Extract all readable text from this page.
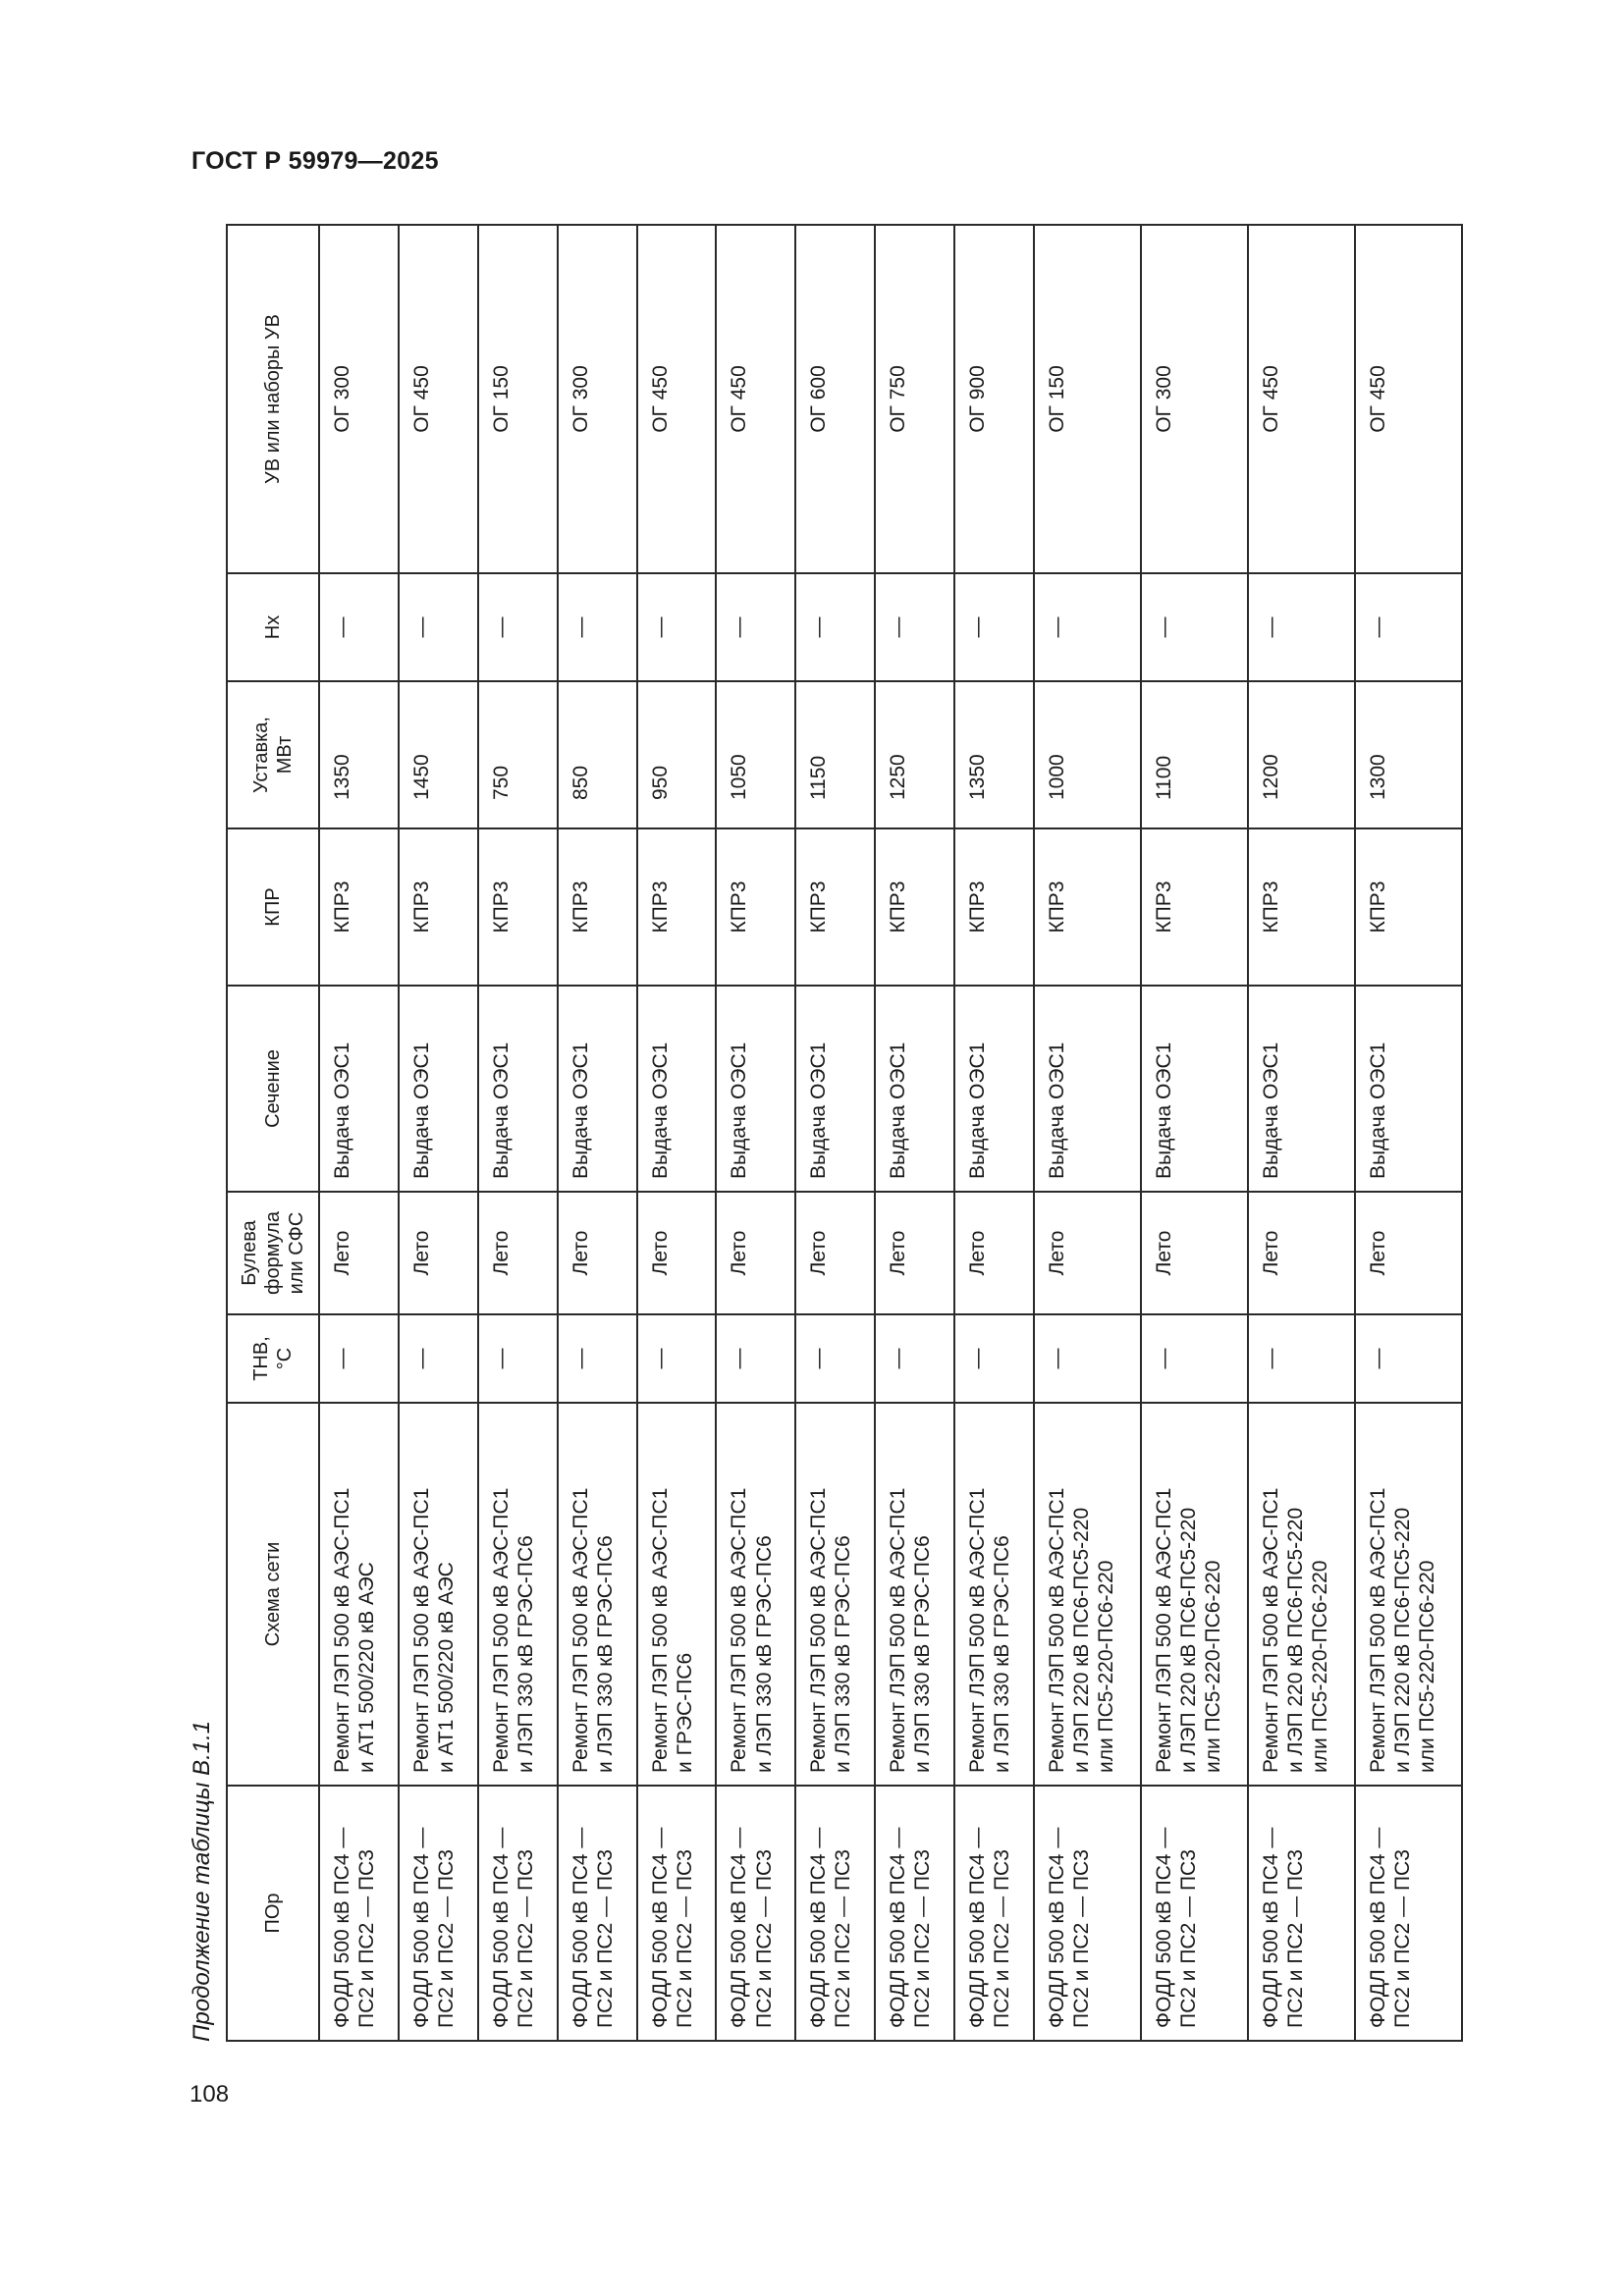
ГОСТ Р 59979—2025
Продолжение таблицы В.1.1 ПОр	Схема сети	ТНВ,
°С	Булева
формула
или СФС	Сечение	КПР	Уставка,
МВт	Нх	УВ или наборы УВ
ФОДЛ 500 кВ ПС4 —
ПС2 и ПС2 — ПС3	Ремонт ЛЭП 500 кВ АЭС-ПС1
и АТ1 500/220 кВ АЭС	—	Лето	Выдача ОЭС1	КПР3	1350	—	ОГ 300
ФОДЛ 500 кВ ПС4 —
ПС2 и ПС2 — ПС3	Ремонт ЛЭП 500 кВ АЭС-ПС1
и АТ1 500/220 кВ АЭС	—	Лето	Выдача ОЭС1	КПР3	1450	—	ОГ 450
ФОДЛ 500 кВ ПС4 —
ПС2 и ПС2 — ПС3	Ремонт ЛЭП 500 кВ АЭС-ПС1
и ЛЭП 330 кВ ГРЭС-ПС6	—	Лето	Выдача ОЭС1	КПР3	750	—	ОГ 150
ФОДЛ 500 кВ ПС4 —
ПС2 и ПС2 — ПС3	Ремонт ЛЭП 500 кВ АЭС-ПС1
и ЛЭП 330 кВ ГРЭС-ПС6	—	Лето	Выдача ОЭС1	КПР3	850	—	ОГ 300
ФОДЛ 500 кВ ПС4 —
ПС2 и ПС2 — ПС3	Ремонт ЛЭП 500 кВ АЭС-ПС1
и ГРЭС-ПС6	—	Лето	Выдача ОЭС1	КПР3	950	—	ОГ 450
ФОДЛ 500 кВ ПС4 —
ПС2 и ПС2 — ПС3	Ремонт ЛЭП 500 кВ АЭС-ПС1
и ЛЭП 330 кВ ГРЭС-ПС6	—	Лето	Выдача ОЭС1	КПР3	1050	—	ОГ 450
ФОДЛ 500 кВ ПС4 —
ПС2 и ПС2 — ПС3	Ремонт ЛЭП 500 кВ АЭС-ПС1
и ЛЭП 330 кВ ГРЭС-ПС6	—	Лето	Выдача ОЭС1	КПР3	1150	—	ОГ 600
ФОДЛ 500 кВ ПС4 —
ПС2 и ПС2 — ПС3	Ремонт ЛЭП 500 кВ АЭС-ПС1
и ЛЭП 330 кВ ГРЭС-ПС6	—	Лето	Выдача ОЭС1	КПР3	1250	—	ОГ 750
ФОДЛ 500 кВ ПС4 —
ПС2 и ПС2 — ПС3	Ремонт ЛЭП 500 кВ АЭС-ПС1
и ЛЭП 330 кВ ГРЭС-ПС6	—	Лето	Выдача ОЭС1	КПР3	1350	—	ОГ 900
ФОДЛ 500 кВ ПС4 —
ПС2 и ПС2 — ПС3	Ремонт ЛЭП 500 кВ АЭС-ПС1
и ЛЭП 220 кВ ПС6-ПС5-220
или ПС5-220-ПС6-220	—	Лето	Выдача ОЭС1	КПР3	1000	—	ОГ 150
ФОДЛ 500 кВ ПС4 —
ПС2 и ПС2 — ПС3	Ремонт ЛЭП 500 кВ АЭС-ПС1
и ЛЭП 220 кВ ПС6-ПС5-220
или ПС5-220-ПС6-220	—	Лето	Выдача ОЭС1	КПР3	1100	—	ОГ 300
ФОДЛ 500 кВ ПС4 —
ПС2 и ПС2 — ПС3	Ремонт ЛЭП 500 кВ АЭС-ПС1
и ЛЭП 220 кВ ПС6-ПС5-220
или ПС5-220-ПС6-220	—	Лето	Выдача ОЭС1	КПР3	1200	—	ОГ 450
ФОДЛ 500 кВ ПС4 —
ПС2 и ПС2 — ПС3	Ремонт ЛЭП 500 кВ АЭС-ПС1
и ЛЭП 220 кВ ПС6-ПС5-220
или ПС5-220-ПС6-220	—	Лето	Выдача ОЭС1	КПР3	1300	—	ОГ 450
108
